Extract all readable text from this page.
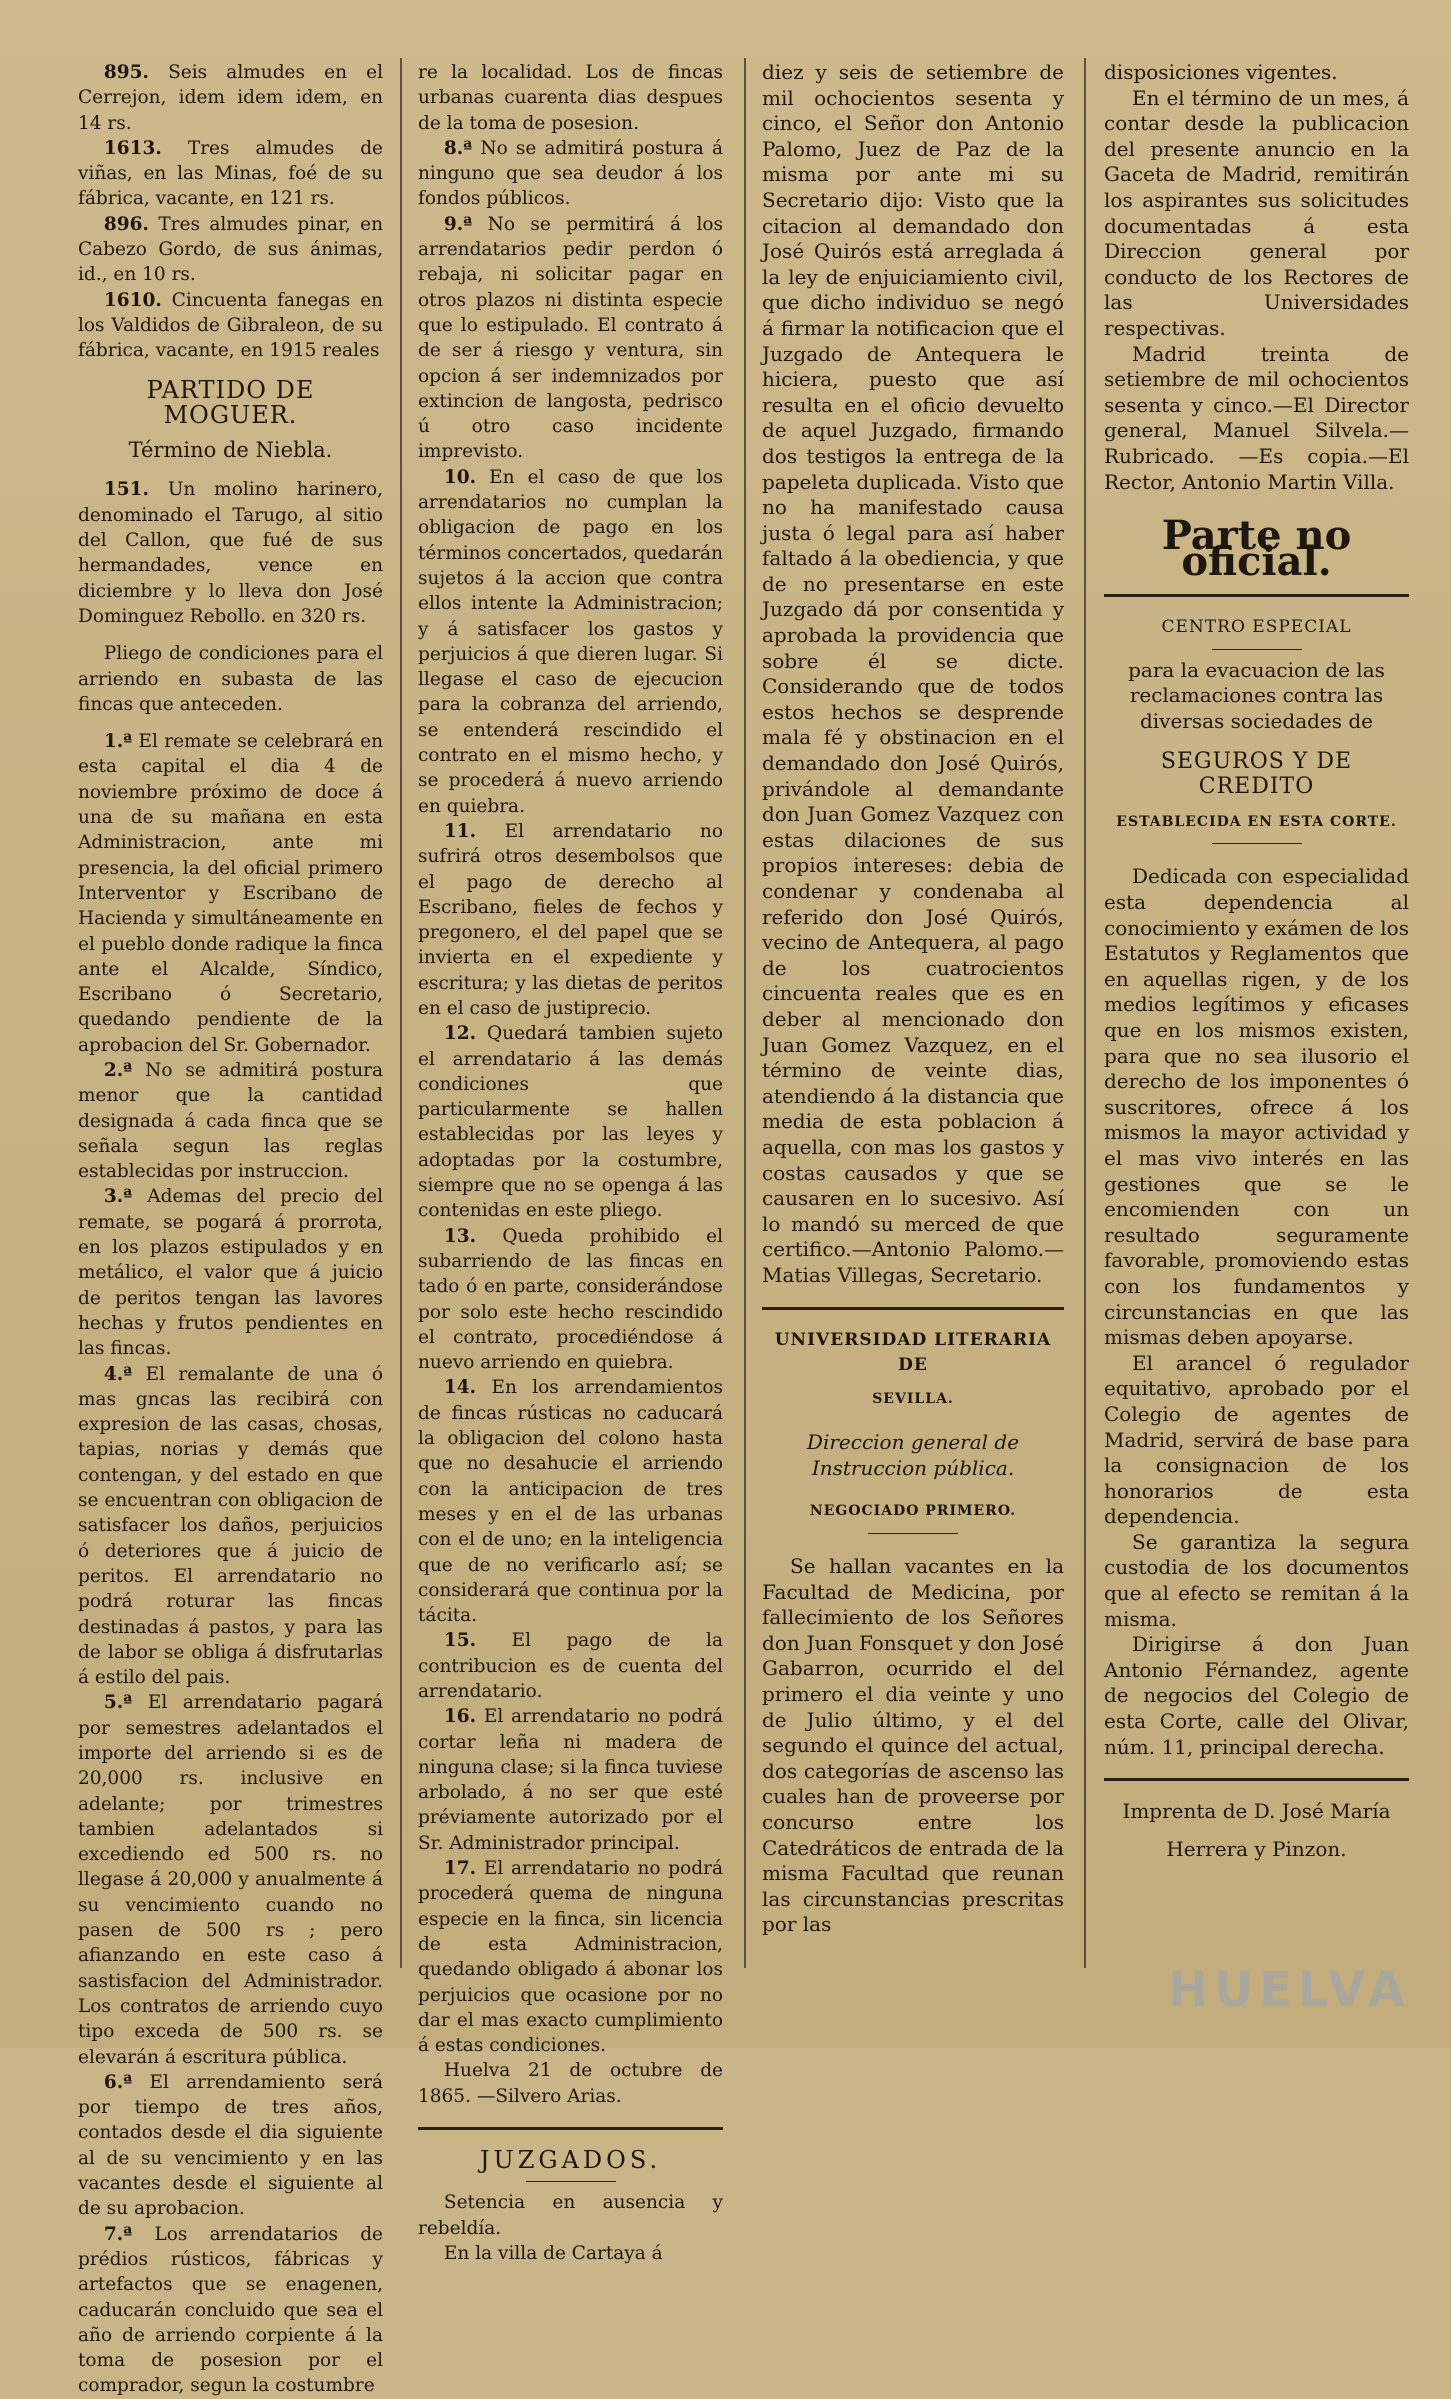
895. Seis almudes en el Cerrejon, idem idem idem, en 14 rs.

1613. Tres almudes de viñas, en las Minas, foé de su fábrica, vacante, en 121 rs.

896. Tres almudes pinar, en Cabezo Gordo, de sus ánimas, id., en 10 rs.

1610. Cincuenta fanegas en los Valdidos de Gibraleon, de su fábrica, vacante, en 1915 reales

PARTIDO DE MOGUER.
Término de Niebla.

151. Un molino harinero, denominado el Tarugo, al sitio del Callon, que fué de sus hermandades, vence en diciembre y lo lleva don José Dominguez Rebollo. en 320 rs.

Pliego de condiciones para el arriendo en subasta de las fincas que anteceden.

1.ª El remate se celebrará en esta capital el dia 4 de noviembre próximo de doce á una de su mañana en esta Administracion, ante mi presencia, la del oficial primero Interventor y Escribano de Hacienda y simultáneamente en el pueblo donde radique la finca ante el Alcalde, Síndico, Escribano ó Secretario, quedando pendiente de la aprobacion del Sr. Gobernador.

2.ª No se admitirá postura menor que la cantidad designada á cada finca que se señala segun las reglas establecidas por instruccion.

3.ª Ademas del precio del remate, se pogará á prorrota, en los plazos estipulados y en metálico, el valor que á juicio de peritos tengan las lavores hechas y frutos pendientes en las fincas.

4.ª El remalante de una ó mas gncas las recibirá con expresion de las casas, chosas, tapias, norias y demás que contengan, y del estado en que se encuentran con obligacion de satisfacer los daños, perjuicios ó deteriores que á juicio de peritos. El arrendatario no podrá roturar las fincas destinadas á pastos, y para las de labor se obliga á disfrutarlas á estilo del pais.

5.ª El arrendatario pagará por semestres adelantados el importe del arriendo si es de 20,000 rs. inclusive en adelante; por trimestres tambien adelantados si excediendo ed 500 rs. no llegase á 20,000 y anualmente á su vencimiento cuando no pasen de 500 rs ; pero afianzando en este caso á sastisfacion del Administrador. Los contratos de arriendo cuyo tipo exceda de 500 rs. se elevarán á escritura pública.

6.ª El arrendamiento será por tiempo de tres años, contados desde el dia siguiente al de su vencimiento y en las vacantes desde el siguiente al de su aprobacion.

7.ª Los arrendatarios de prédios rústicos, fábricas y artefactos que se enagenen, caducarán concluido que sea el año de arriendo corpiente á la toma de posesion por el comprador, segun la costumbre

re la localidad. Los de fincas urbanas cuarenta dias despues de la toma de posesion.

8.ª No se admitirá postura á ninguno que sea deudor á los fondos públicos.

9.ª No se permitirá á los arrendatarios pedir perdon ó rebaja, ni solicitar pagar en otros plazos ni distinta especie que lo estipulado. El contrato á de ser á riesgo y ventura, sin opcion á ser indemnizados por extincion de langosta, pedrisco ú otro caso incidente imprevisto.

10. En el caso de que los arrendatarios no cumplan la obligacion de pago en los términos concertados, quedarán sujetos á la accion que contra ellos intente la Administracion; y á satisfacer los gastos y perjuicios á que dieren lugar. Si llegase el caso de ejecucion para la cobranza del arriendo, se entenderá rescindido el contrato en el mismo hecho, y se procederá á nuevo arriendo en quiebra.

11. El arrendatario no sufrirá otros desembolsos que el pago de derecho al Escribano, fieles de fechos y pregonero, el del papel que se invierta en el expediente y escritura; y las dietas de peritos en el caso de justiprecio.

12. Quedará tambien sujeto el arrendatario á las demás condiciones que particularmente se hallen establecidas por las leyes y adoptadas por la costumbre, siempre que no se openga á las contenidas en este pliego.

13. Queda prohibido el subarriendo de las fincas en tado ó en parte, considerándose por solo este hecho rescindido el contrato, procediéndose á nuevo arriendo en quiebra.

14. En los arrendamientos de fincas rústicas no caducará la obligacion del colono hasta que no desahucie el arriendo con la anticipacion de tres meses y en el de las urbanas con el de uno; en la inteligencia que de no verificarlo así; se considerará que continua por la tácita.

15. El pago de la contribucion es de cuenta del arrendatario.

16. El arrendatario no podrá cortar leña ni madera de ninguna clase; si la finca tuviese arbolado, á no ser que esté préviamente autorizado por el Sr. Administrador principal.

17. El arrendatario no podrá procederá quema de ninguna especie en la finca, sin licencia de esta Administracion, quedando obligado á abonar los perjuicios que ocasione por no dar el mas exacto cumplimiento á estas condiciones.

Huelva 21 de octubre de 1865. —Silvero Arias.

JUZGADOS.

Setencia en ausencia y rebeldía.

En la villa de Cartaya á

diez y seis de setiembre de mil ochocientos sesenta y cinco, el Señor don Antonio Palomo, Juez de Paz de la misma por ante mi su Secretario dijo: Visto que la citacion al demandado don José Quirós está arreglada á la ley de enjuiciamiento civil, que dicho individuo se negó á firmar la notificacion que el Juzgado de Antequera le hiciera, puesto que así resulta en el oficio devuelto de aquel Juzgado, firmando dos testigos la entrega de la papeleta duplicada. Visto que no ha manifestado causa justa ó legal para así haber faltado á la obediencia, y que de no presentarse en este Juzgado dá por consentida y aprobada la providencia que sobre él se dicte. Considerando que de todos estos hechos se desprende mala fé y obstinacion en el demandado don José Quirós, privándole al demandante don Juan Gomez Vazquez con estas dilaciones de sus propios intereses: debia de condenar y condenaba al referido don José Quirós, vecino de Antequera, al pago de los cuatrocientos cincuenta reales que es en deber al mencionado don Juan Gomez Vazquez, en el término de veinte dias, atendiendo á la distancia que media de esta poblacion á aquella, con mas los gastos y costas causados y que se causaren en lo sucesivo. Así lo mandó su merced de que certifico.—Antonio Palomo.—Matias Villegas, Secretario.

UNIVERSIDAD LITERARIA DE
SEVILLA.

Direccion general de Instruccion pública.

NEGOCIADO PRIMERO.

Se hallan vacantes en la Facultad de Medicina, por fallecimiento de los Señores don Juan Fonsquet y don José Gabarron, ocurrido el del primero el dia veinte y uno de Julio último, y el del segundo el quince del actual, dos categorías de ascenso las cuales han de proveerse por concurso entre los Catedráticos de entrada de la misma Facultad que reunan las circunstancias prescritas por las

disposiciones vigentes.

En el término de un mes, á contar desde la publicacion del presente anuncio en la Gaceta de Madrid, remitirán los aspirantes sus solicitudes documentadas á esta Direccion general por conducto de los Rectores de las Universidades respectivas.

Madrid treinta de setiembre de mil ochocientos sesenta y cinco.—El Director general, Manuel Silvela.—Rubricado. —Es copia.—El Rector, Antonio Martin Villa.

Parte no oficial.
CENTRO ESPECIAL

para la evacuacion de las reclamaciones contra las diversas sociedades de

SEGUROS Y DE CREDITO
ESTABLECIDA EN ESTA CORTE.

Dedicada con especialidad esta dependencia al conocimiento y exámen de los Estatutos y Reglamentos que en aquellas rigen, y de los medios legítimos y eficases que en los mismos existen, para que no sea ilusorio el derecho de los imponentes ó suscritores, ofrece á los mismos la mayor actividad y el mas vivo interés en las gestiones que se le encomienden con un resultado seguramente favorable, promoviendo estas con los fundamentos y circunstancias en que las mismas deben apoyarse.

El arancel ó regulador equitativo, aprobado por el Colegio de agentes de Madrid, servirá de base para la consignacion de los honorarios de esta dependencia.

Se garantiza la segura custodia de los documentos que al efecto se remitan á la misma.

Dirigirse á don Juan Antonio Férnandez, agente de negocios del Colegio de esta Corte, calle del Olivar, núm. 11, principal derecha.

Imprenta de D. José María

Herrera y Pinzon.

HUELVA
